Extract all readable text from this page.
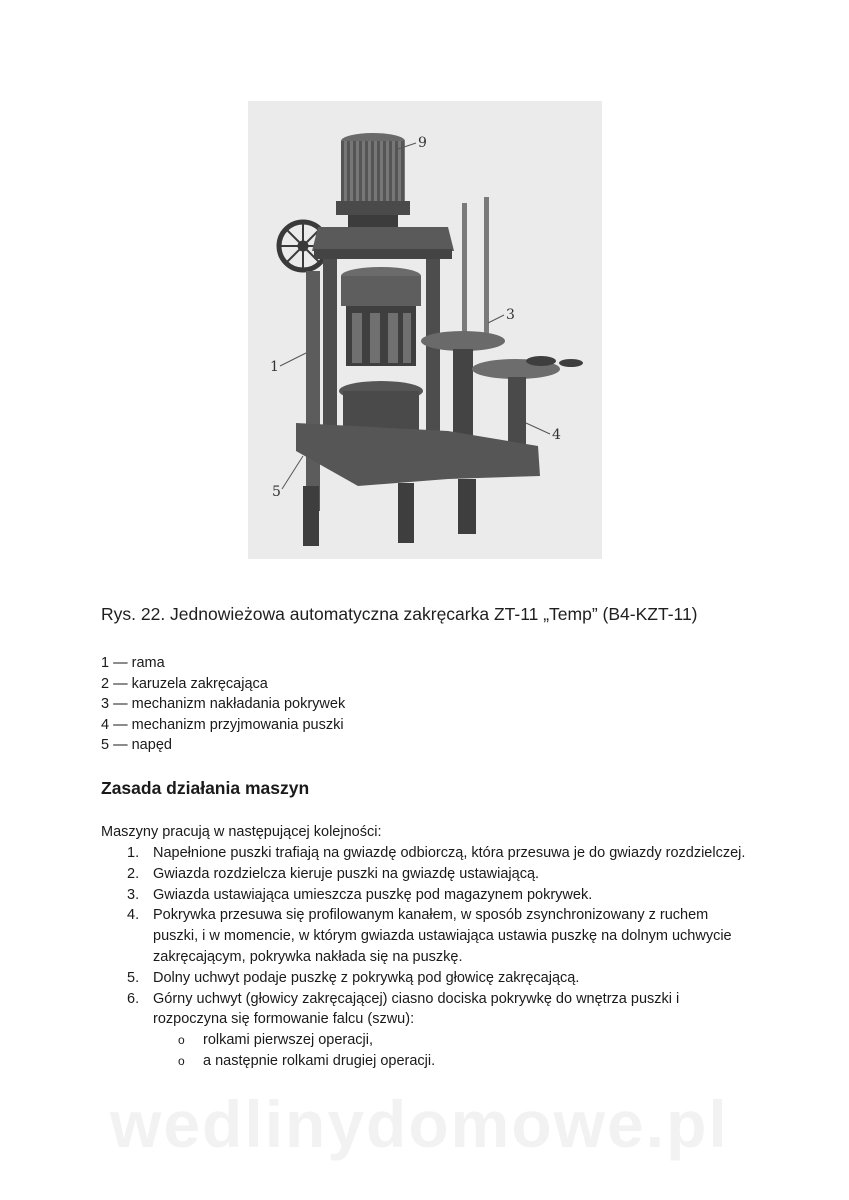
9
3
1
4
5
Rys. 22. Jednowieżowa automatyczna zakręcarka ZT-11 „Temp” (B4-KZT-11)
1 — rama
2 — karuzela zakręcająca
3 — mechanizm nakładania pokrywek
4 — mechanizm przyjmowania puszki
5 — napęd
Zasada działania maszyn

Maszyny pracują w następującej kolejności:

1. Napełnione puszki trafiają na gwiazdę odbiorczą, która przesuwa je do gwiazdy rozdzielczej.
2. Gwiazda rozdzielcza kieruje puszki na gwiazdę ustawiającą.
3. Gwiazda ustawiająca umieszcza puszkę pod magazynem pokrywek.
4. Pokrywka przesuwa się profilowanym kanałem, w sposób zsynchronizowany z ruchem puszki, i w momencie, w którym gwiazda ustawiająca ustawia puszkę na dolnym uchwycie zakręcającym, pokrywka nakłada się na puszkę.
5. Dolny uchwyt podaje puszkę z pokrywką pod głowicę zakręcającą.
6. Górny uchwyt (głowicy zakręcającej) ciasno dociska pokrywkę do wnętrza puszki i rozpoczyna się formowanie falcu (szwu):
o rolkami pierwszej operacji,
o a następnie rolkami drugiej operacji.
wedlinydomowe.pl
